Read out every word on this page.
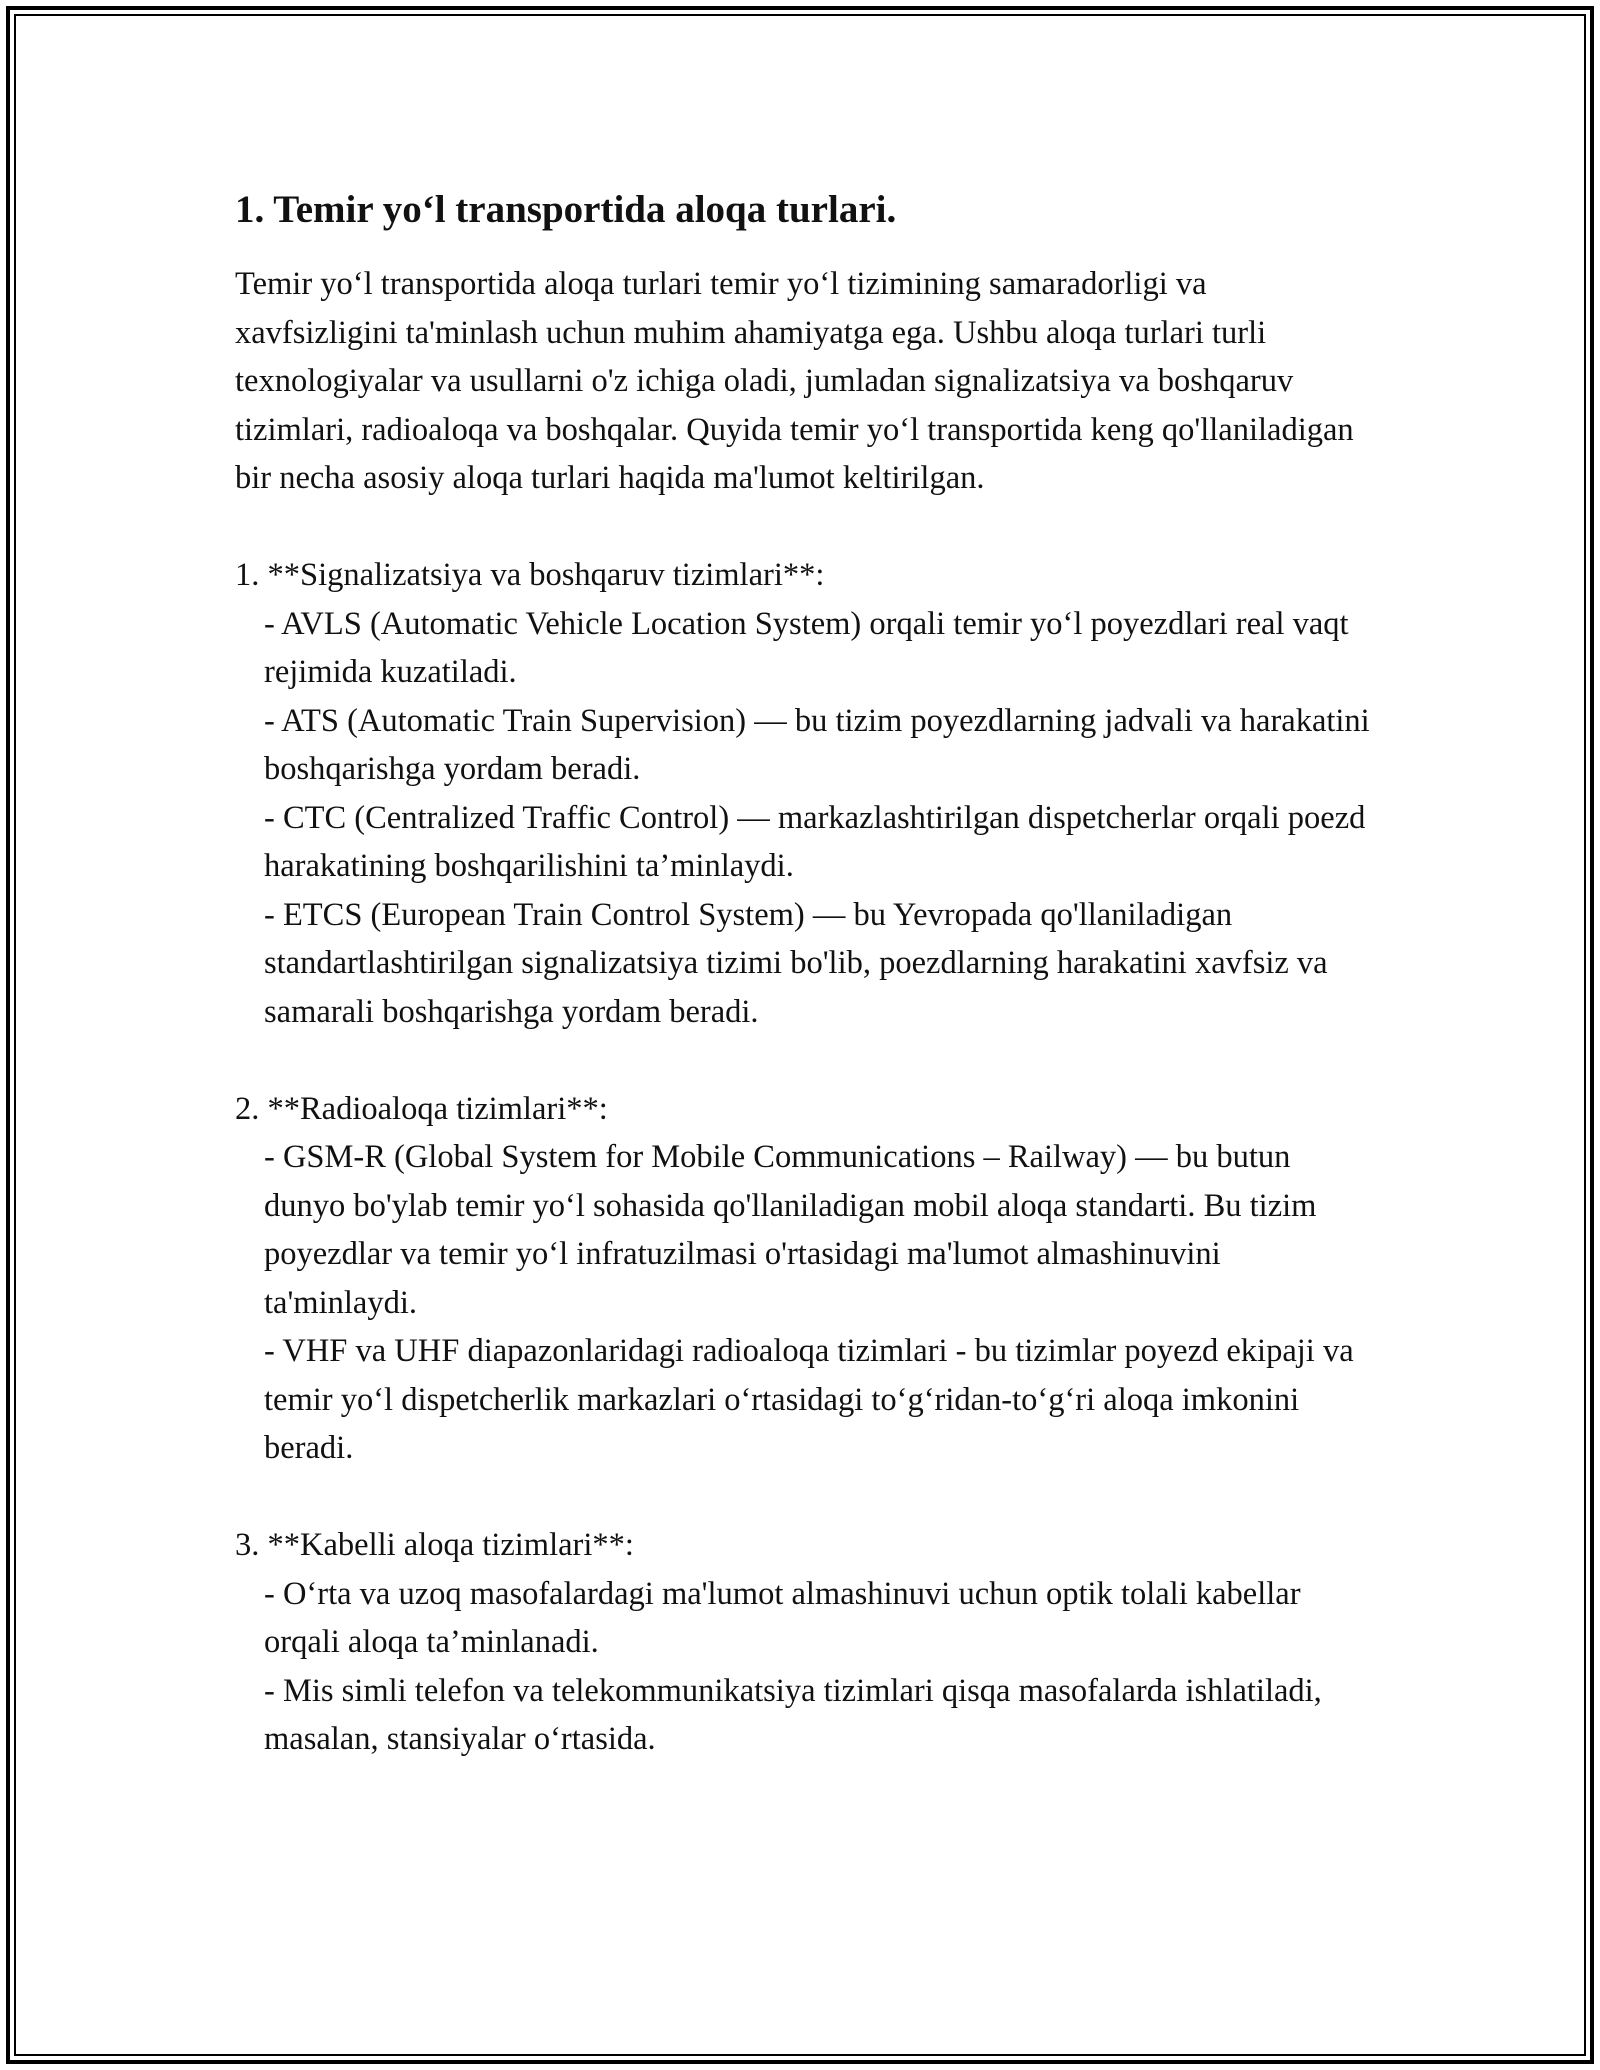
1. Temir yo‘l transportida aloqa turlari.

Temir yo‘l transportida aloqa turlari temir yo‘l tizimining samaradorligi va xavfsizligini ta'minlash uchun muhim ahamiyatga ega. Ushbu aloqa turlari turli texnologiyalar va usullarni o'z ichiga oladi, jumladan signalizatsiya va boshqaruv tizimlari, radioaloqa va boshqalar. Quyida temir yo‘l transportida keng qo'llaniladigan bir necha asosiy aloqa turlari haqida ma'lumot keltirilgan.

1. **Signalizatsiya va boshqaruv tizimlari**:

- AVLS (Automatic Vehicle Location System) orqali temir yo‘l poyezdlari real vaqt rejimida kuzatiladi.

- ATS (Automatic Train Supervision) — bu tizim poyezdlarning jadvali va harakatini boshqarishga yordam beradi.

- CTC (Centralized Traffic Control) — markazlashtirilgan dispetcherlar orqali poezd harakatining boshqarilishini ta’minlaydi.

- ETCS (European Train Control System) — bu Yevropada qo'llaniladigan standartlashtirilgan signalizatsiya tizimi bo'lib, poezdlarning harakatini xavfsiz va samarali boshqarishga yordam beradi.

2. **Radioaloqa tizimlari**:

- GSM-R (Global System for Mobile Communications – Railway) — bu butun dunyo bo'ylab temir yo‘l sohasida qo'llaniladigan mobil aloqa standarti. Bu tizim poyezdlar va temir yo‘l infratuzilmasi o'rtasidagi ma'lumot almashinuvini ta'minlaydi.

- VHF va UHF diapazonlaridagi radioaloqa tizimlari - bu tizimlar poyezd ekipaji va temir yo‘l dispetcherlik markazlari o‘rtasidagi to‘g‘ridan-to‘g‘ri aloqa imkonini beradi.

3. **Kabelli aloqa tizimlari**:

- O‘rta va uzoq masofalardagi ma'lumot almashinuvi uchun optik tolali kabellar orqali aloqa ta’minlanadi.

- Mis simli telefon va telekommunikatsiya tizimlari qisqa masofalarda ishlatiladi, masalan, stansiyalar o‘rtasida.
